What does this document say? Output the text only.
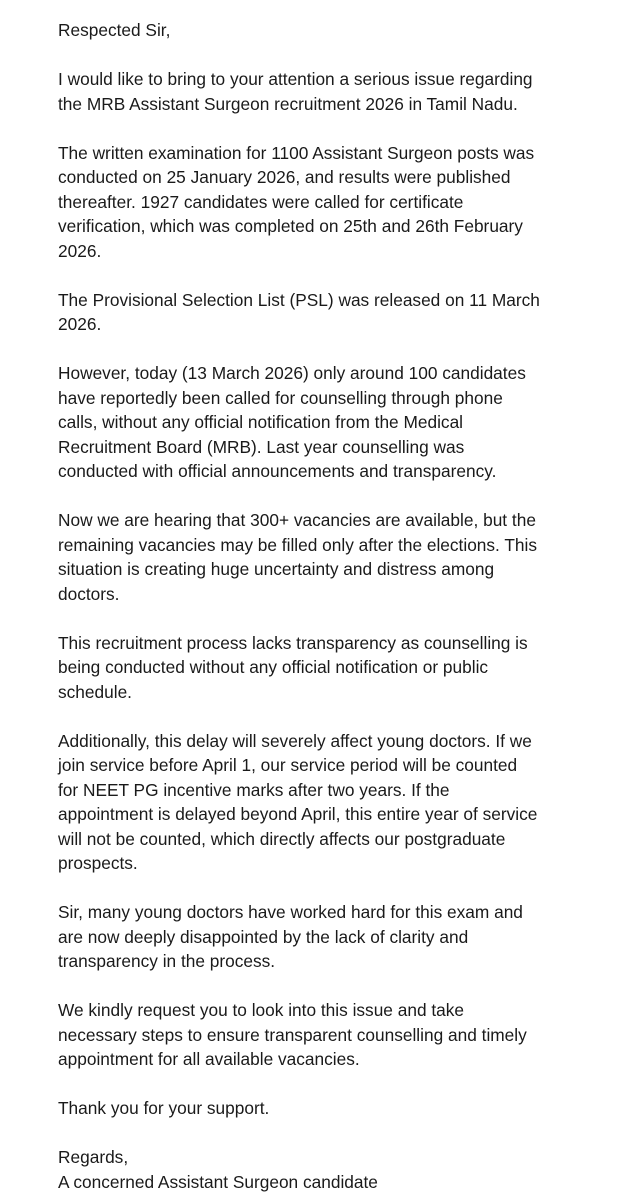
Respected Sir,
I would like to bring to your attention a serious issue regarding
the MRB Assistant Surgeon recruitment 2026 in Tamil Nadu.
The written examination for 1100 Assistant Surgeon posts was
conducted on 25 January 2026, and results were published
thereafter. 1927 candidates were called for certificate
verification, which was completed on 25th and 26th February
2026.
The Provisional Selection List (PSL) was released on 11 March
2026.
However, today (13 March 2026) only around 100 candidates
have reportedly been called for counselling through phone
calls, without any official notification from the Medical
Recruitment Board (MRB). Last year counselling was
conducted with official announcements and transparency.
Now we are hearing that 300+ vacancies are available, but the
remaining vacancies may be filled only after the elections. This
situation is creating huge uncertainty and distress among
doctors.
This recruitment process lacks transparency as counselling is
being conducted without any official notification or public
schedule.
Additionally, this delay will severely affect young doctors. If we
join service before April 1, our service period will be counted
for NEET PG incentive marks after two years. If the
appointment is delayed beyond April, this entire year of service
will not be counted, which directly affects our postgraduate
prospects.
Sir, many young doctors have worked hard for this exam and
are now deeply disappointed by the lack of clarity and
transparency in the process.
We kindly request you to look into this issue and take
necessary steps to ensure transparent counselling and timely
appointment for all available vacancies.
Thank you for your support.
Regards,
A concerned Assistant Surgeon candidate
